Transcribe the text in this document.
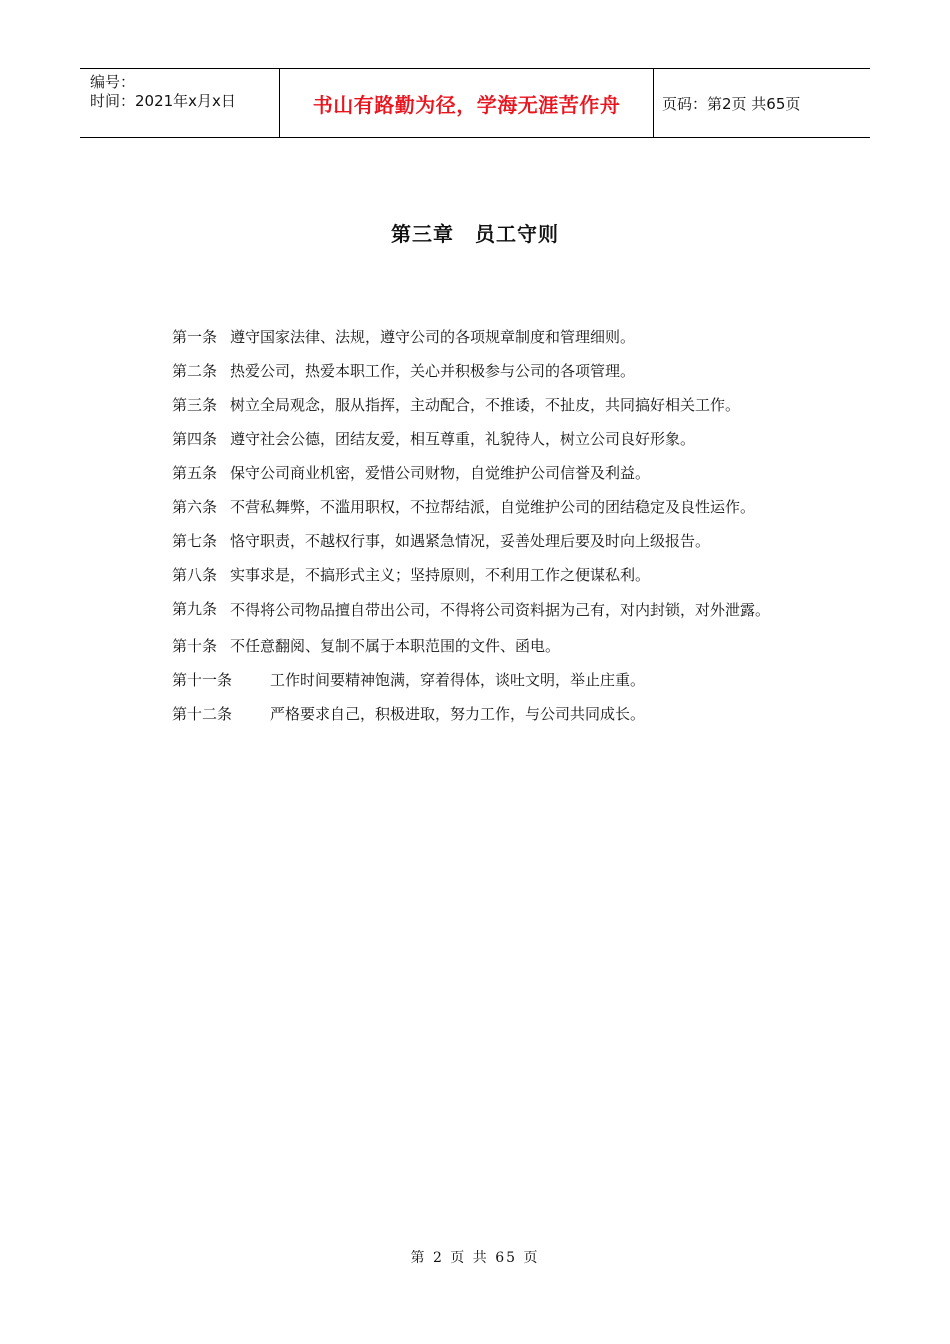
编号：
时间：2021年x月x日	书山有路勤为径，学海无涯苦作舟	页码：第2页 共65页
第三章　员工守则
第一条 遵守国家法律、法规，遵守公司的各项规章制度和管理细则。
第二条 热爱公司，热爱本职工作，关心并积极参与公司的各项管理。
第三条 树立全局观念，服从指挥，主动配合，不推诿，不扯皮，共同搞好相关工作。
第四条 遵守社会公德，团结友爱，相互尊重，礼貌待人，树立公司良好形象。
第五条 保守公司商业机密，爱惜公司财物，自觉维护公司信誉及利益。
第六条 不营私舞弊，不滥用职权，不拉帮结派，自觉维护公司的团结稳定及良性运作。
第七条 恪守职责，不越权行事，如遇紧急情况，妥善处理后要及时向上级报告。
第八条 实事求是，不搞形式主义；坚持原则，不利用工作之便谋私利。
第九条 不得将公司物品擅自带出公司，不得将公司资料据为己有，对内封锁，对外泄露。
第十条 不任意翻阅、复制不属于本职范围的文件、函电。
第十一条	工作时间要精神饱满，穿着得体，谈吐文明，举止庄重。
第十二条	严格要求自己，积极进取，努力工作，与公司共同成长。
第 2 页 共 65 页
